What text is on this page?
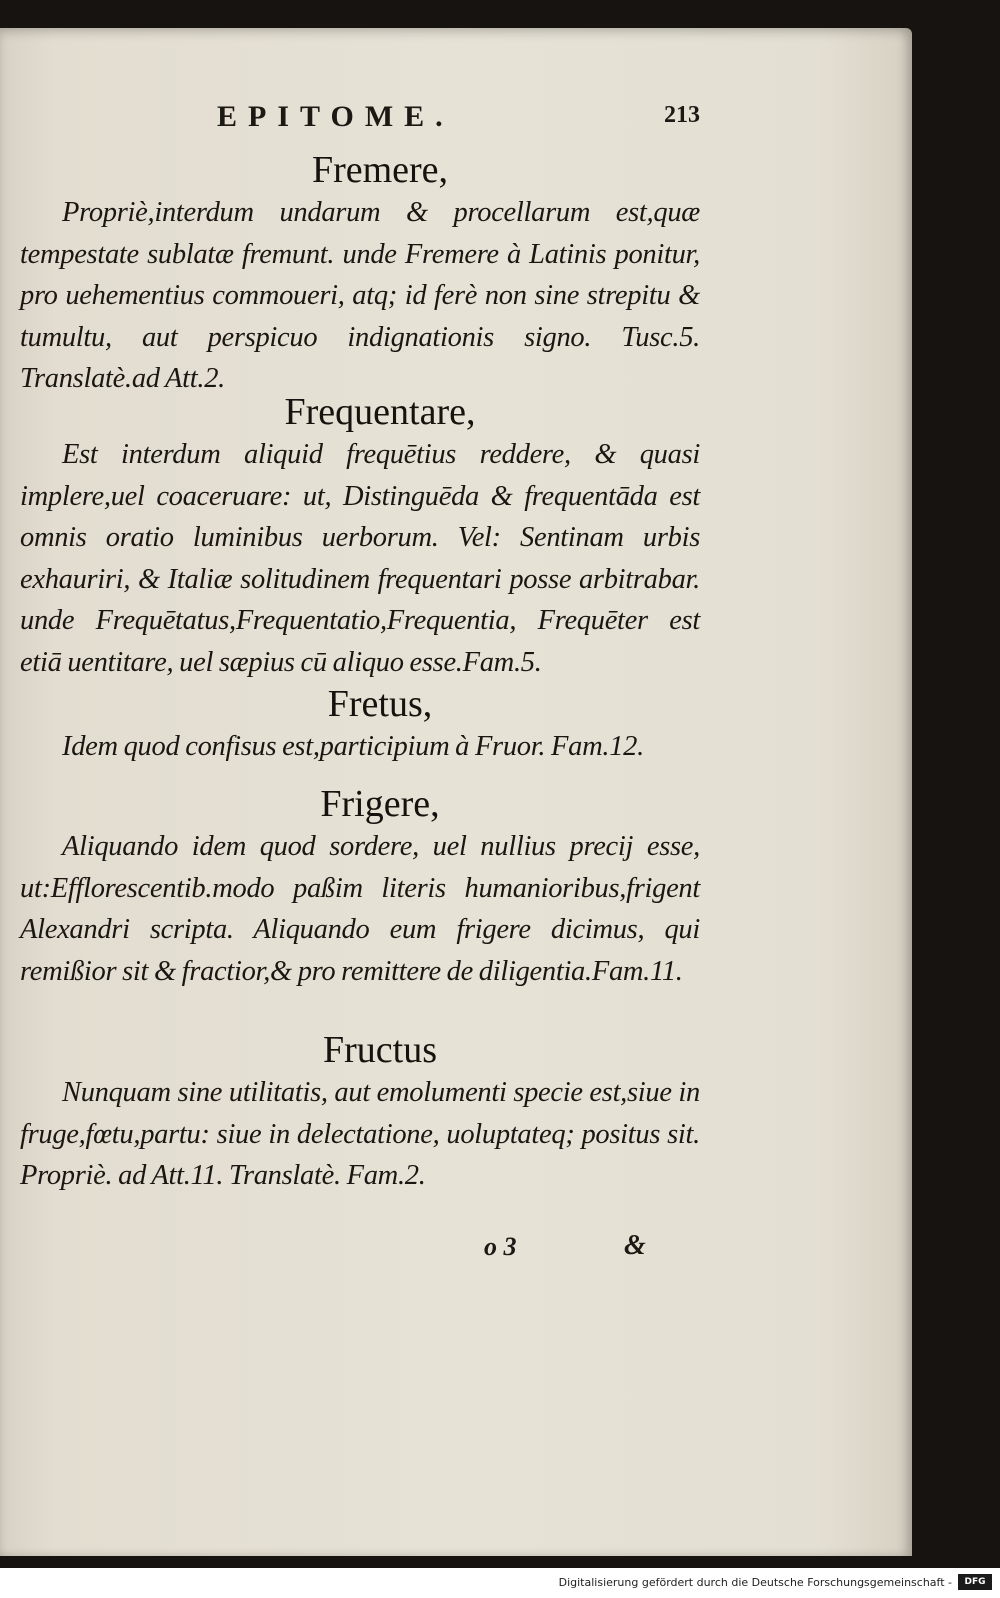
EPITOME.	213
Fremere,
Propriè,interdum undarum & procellarum est,quæ tempestate sublatæ fremunt. unde Fremere à Latinis ponitur, pro uehementius commoueri, atq; id ferè non sine strepitu & tumultu, aut perspicuo indignationis signo. Tusc.5. Translatè.ad Att.2.
Frequentare,
Est interdum aliquid frequētius reddere, & quasi implere,uel coaceruare: ut, Distinguēda & frequentāda est omnis oratio luminibus uerborum. Vel: Sentinam urbis exhauriri, & Italiæ solitudinem frequentari posse arbitrabar. unde Frequētatus,Frequentatio,Frequentia, Frequēter est etiā uentitare, uel sæpius cū aliquo esse.Fam.5.
Fretus,
Idem quod confisus est,participium à Fruor. Fam.12.
Frigere,
Aliquando idem quod sordere, uel nullius precij esse, ut:Efflorescentib.modo paßim literis humanioribus,frigent Alexandri scripta. Aliquando eum frigere dicimus, qui remißior sit & fractior,& pro remittere de diligentia.Fam.11.
Fructus
Nunquam sine utilitatis, aut emolumenti specie est,siue in fruge,fœtu,partu: siue in delectatione, uoluptateq; positus sit. Propriè. ad Att.11. Translatè. Fam.2.
o 3	&
Digitalisierung gefördert durch die Deutsche Forschungsgemeinschaft -	DFG
